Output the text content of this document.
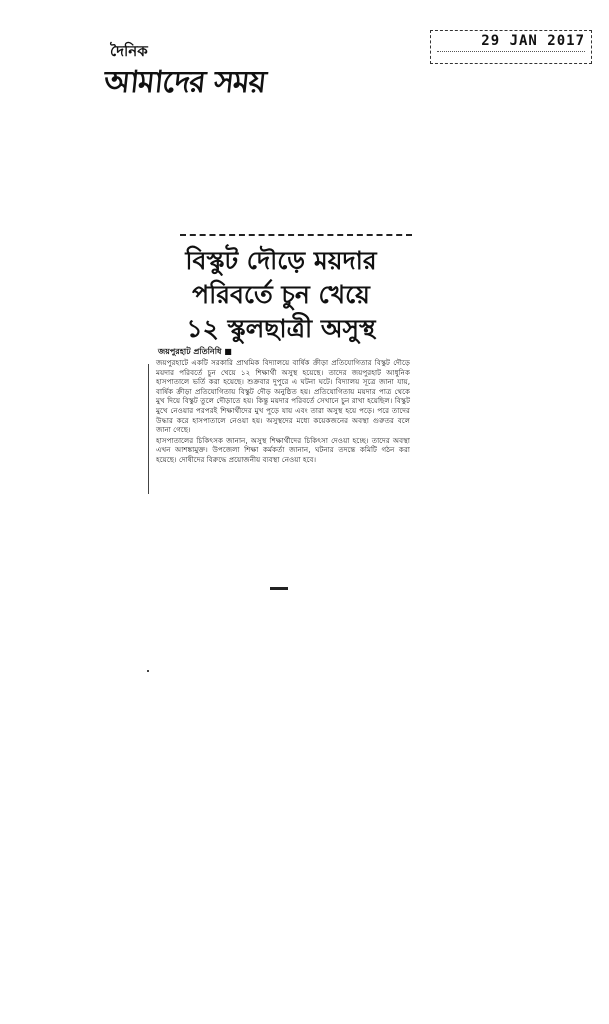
দৈনিক
আমাদের সময়
29 JAN 2017
বিস্কুট দৌড়ে ময়দার
পরিবর্তে চুন খেয়ে
১২ স্কুলছাত্রী অসুস্থ
জয়পুরহাট প্রতিনিধি ■

জয়পুরহাটে একটি সরকারি প্রাথমিক বিদ্যালয়ে বার্ষিক ক্রীড়া প্রতিযোগিতার বিস্কুট দৌড়ে ময়দার পরিবর্তে চুন খেয়ে ১২ শিক্ষার্থী অসুস্থ হয়েছে। তাদের জয়পুরহাট আধুনিক হাসপাতালে ভর্তি করা হয়েছে। শুক্রবার দুপুরে এ ঘটনা ঘটে। বিদ্যালয় সূত্রে জানা যায়, বার্ষিক ক্রীড়া প্রতিযোগিতায় বিস্কুট দৌড় অনুষ্ঠিত হয়। প্রতিযোগিতায় ময়দার পাত্র থেকে মুখ দিয়ে বিস্কুট তুলে দৌড়াতে হয়। কিন্তু ময়দার পরিবর্তে সেখানে চুন রাখা হয়েছিল। বিস্কুট মুখে নেওয়ার পরপরই শিক্ষার্থীদের মুখ পুড়ে যায় এবং তারা অসুস্থ হয়ে পড়ে। পরে তাদের উদ্ধার করে হাসপাতালে নেওয়া হয়। অসুস্থদের মধ্যে কয়েকজনের অবস্থা গুরুতর বলে জানা গেছে।

হাসপাতালের চিকিৎসক জানান, অসুস্থ শিক্ষার্থীদের চিকিৎসা দেওয়া হচ্ছে। তাদের অবস্থা এখন আশঙ্কামুক্ত। উপজেলা শিক্ষা কর্মকর্তা জানান, ঘটনার তদন্তে কমিটি গঠন করা হয়েছে। দোষীদের বিরুদ্ধে প্রয়োজনীয় ব্যবস্থা নেওয়া হবে।
